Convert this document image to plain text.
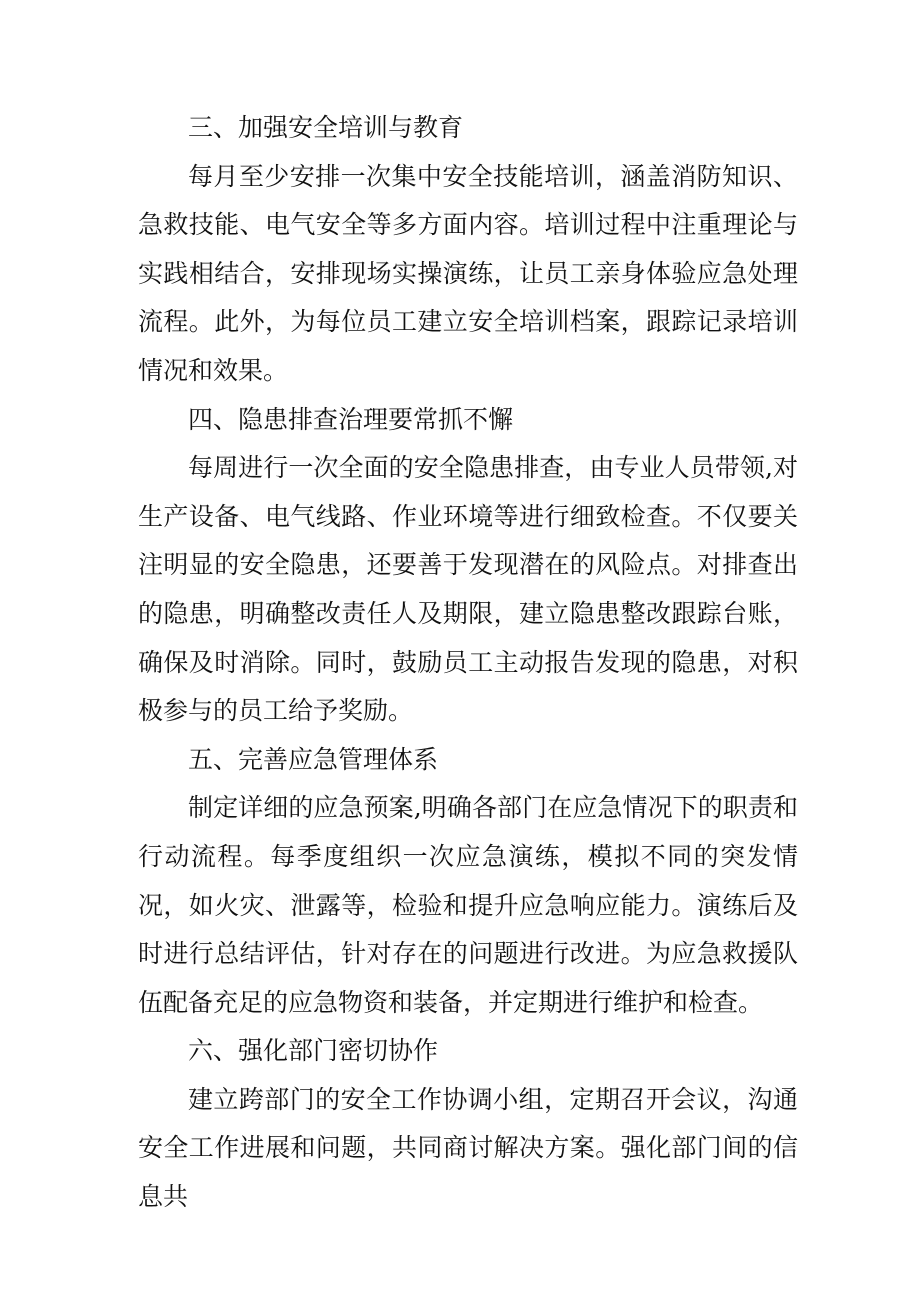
三、加强安全培训与教育

每月至少安排一次集中安全技能培训，涵盖消防知识、急救技能、电气安全等多方面内容。培训过程中注重理论与实践相结合，安排现场实操演练，让员工亲身体验应急处理流程。此外，为每位员工建立安全培训档案，跟踪记录培训情况和效果。

四、隐患排查治理要常抓不懈

每周进行一次全面的安全隐患排查，由专业人员带领,对生产设备、电气线路、作业环境等进行细致检查。不仅要关注明显的安全隐患，还要善于发现潜在的风险点。对排查出的隐患，明确整改责任人及期限，建立隐患整改跟踪台账，确保及时消除。同时，鼓励员工主动报告发现的隐患，对积极参与的员工给予奖励。

五、完善应急管理体系

制定详细的应急预案,明确各部门在应急情况下的职责和行动流程。每季度组织一次应急演练，模拟不同的突发情况，如火灾、泄露等，检验和提升应急响应能力。演练后及时进行总结评估，针对存在的问题进行改进。为应急救援队伍配备充足的应急物资和装备，并定期进行维护和检查。

六、强化部门密切协作

建立跨部门的安全工作协调小组，定期召开会议，沟通安全工作进展和问题，共同商讨解决方案。强化部门间的信息共
